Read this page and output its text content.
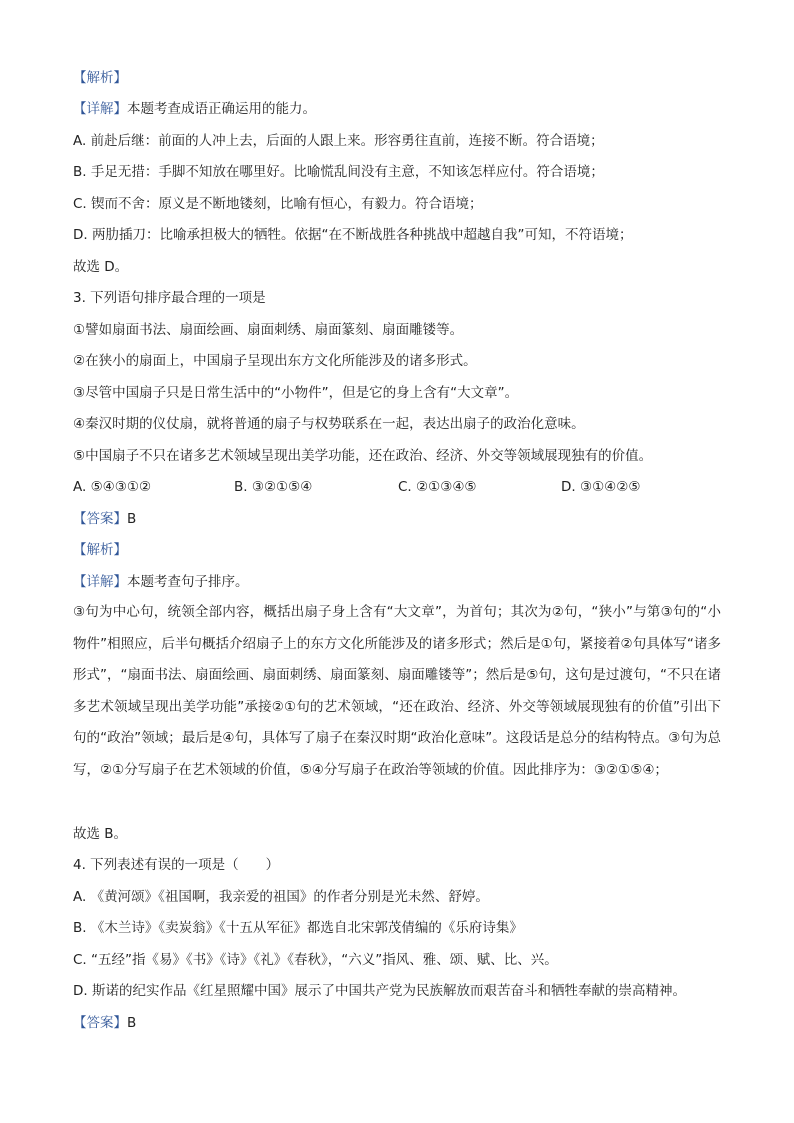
【解析】
【详解】本题考查成语正确运用的能力。
A. 前赴后继：前面的人冲上去，后面的人跟上来。形容勇往直前，连接不断。符合语境；
B. 手足无措：手脚不知放在哪里好。比喻慌乱间没有主意，不知该怎样应付。符合语境；
C. 锲而不舍：原义是不断地镂刻，比喻有恒心，有毅力。符合语境；
D. 两肋插刀：比喻承担极大的牺牲。依据“在不断战胜各种挑战中超越自我”可知，不符语境；
故选 D。
3. 下列语句排序最合理的一项是
①譬如扇面书法、扇面绘画、扇面刺绣、扇面篆刻、扇面雕镂等。
②在狭小的扇面上，中国扇子呈现出东方文化所能涉及的诸多形式。
③尽管中国扇子只是日常生活中的“小物件”，但是它的身上含有“大文章”。
④秦汉时期的仪仗扇，就将普通的扇子与权势联系在一起，表达出扇子的政治化意味。
⑤中国扇子不只在诸多艺术领域呈现出美学功能，还在政治、经济、外交等领域展现独有的价值。
A. ⑤④③①②	B. ③②①⑤④	C. ②①③④⑤	D. ③①④②⑤
【答案】B
【解析】
【详解】本题考查句子排序。
③句为中心句，统领全部内容，概括出扇子身上含有“大文章”，为首句；其次为②句，“狭小”与第③句的“小物件”相照应，后半句概括介绍扇子上的东方文化所能涉及的诸多形式；然后是①句，紧接着②句具体写“诸多形式”，“扇面书法、扇面绘画、扇面刺绣、扇面篆刻、扇面雕镂等”；然后是⑤句，这句是过渡句，“不只在诸多艺术领域呈现出美学功能”承接②①句的艺术领域，“还在政治、经济、外交等领域展现独有的价值”引出下句的“政治”领域；最后是④句，具体写了扇子在秦汉时期“政治化意味”。这段话是总分的结构特点。③句为总写，②①分写扇子在艺术领域的价值，⑤④分写扇子在政治等领域的价值。因此排序为：③②①⑤④；
故选 B。
4. 下列表述有误的一项是（　　）
A. 《黄河颂》《祖国啊，我亲爱的祖国》的作者分别是光未然、舒婷。
B. 《木兰诗》《卖炭翁》《十五从军征》都选自北宋郭茂倩编的《乐府诗集》
C. “五经”指《易》《书》《诗》《礼》《春秋》，“六义”指风、雅、颂、赋、比、兴。
D. 斯诺的纪实作品《红星照耀中国》展示了中国共产党为民族解放而艰苦奋斗和牺牲奉献的崇高精神。
【答案】B
